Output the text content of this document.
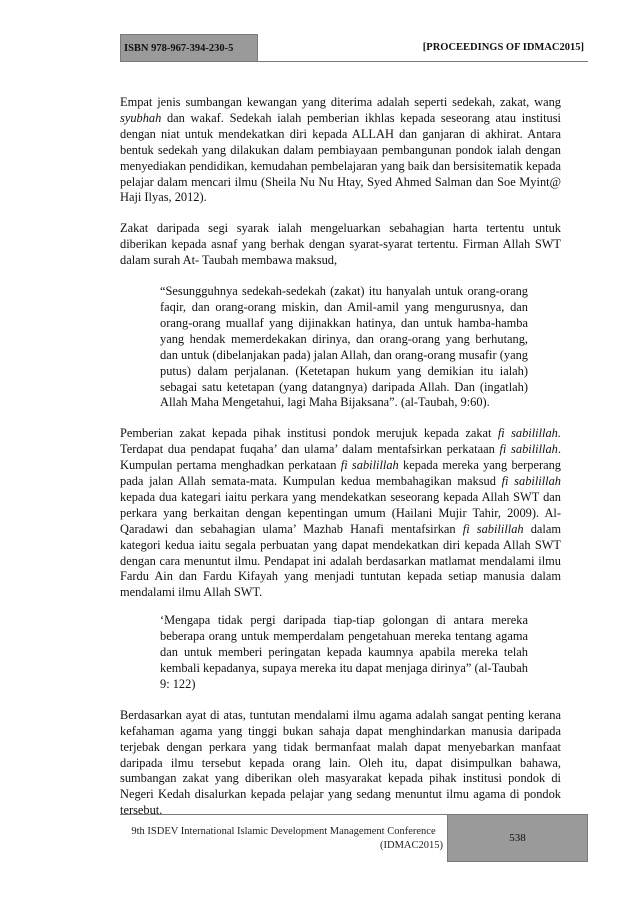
ISBN 978-967-394-230-5	[PROCEEDINGS OF IDMAC2015]

Empat jenis sumbangan kewangan yang diterima adalah seperti sedekah, zakat, wang syubhah dan wakaf. Sedekah ialah pemberian ikhlas kepada seseorang atau institusi dengan niat untuk mendekatkan diri kepada ALLAH dan ganjaran di akhirat. Antara bentuk sedekah yang dilakukan dalam pembiayaan pembangunan pondok ialah dengan menyediakan pendidikan, kemudahan pembelajaran yang baik dan bersisitematik kepada pelajar dalam mencari ilmu (Sheila Nu Nu Htay, Syed Ahmed Salman dan Soe Myint@ Haji Ilyas, 2012).

Zakat daripada segi syarak ialah mengeluarkan sebahagian harta tertentu untuk diberikan kepada asnaf yang berhak dengan syarat-syarat tertentu. Firman Allah SWT dalam surah At- Taubah membawa maksud,

“Sesungguhnya sedekah-sedekah (zakat) itu hanyalah untuk orang-orang faqir, dan orang-orang miskin, dan Amil-amil yang mengurusnya, dan orang-orang muallaf yang dijinakkan hatinya, dan untuk hamba-hamba yang hendak memerdekakan dirinya, dan orang-orang yang berhutang, dan untuk (dibelanjakan pada) jalan Allah, dan orang-orang musafir (yang putus) dalam perjalanan. (Ketetapan hukum yang demikian itu ialah) sebagai satu ketetapan (yang datangnya) daripada Allah. Dan (ingatlah) Allah Maha Mengetahui, lagi Maha Bijaksana”. (al-Taubah, 9:60).

Pemberian zakat kepada pihak institusi pondok merujuk kepada zakat fi sabilillah. Terdapat dua pendapat fuqaha’ dan ulama’ dalam mentafsirkan perkataan fi sabilillah. Kumpulan pertama menghadkan perkataan fi sabilillah kepada mereka yang berperang pada jalan Allah semata-mata. Kumpulan kedua membahagikan maksud fi sabilillah kepada dua kategari iaitu perkara yang mendekatkan seseorang kepada Allah SWT dan perkara yang berkaitan dengan kepentingan umum (Hailani Mujir Tahir, 2009). Al-Qaradawi dan sebahagian ulama’ Mazhab Hanafi mentafsirkan fi sabilillah dalam kategori kedua iaitu segala perbuatan yang dapat mendekatkan diri kepada Allah SWT dengan cara menuntut ilmu. Pendapat ini adalah berdasarkan matlamat mendalami ilmu Fardu Ain dan Fardu Kifayah yang menjadi tuntutan kepada setiap manusia dalam mendalami ilmu Allah SWT.

‘Mengapa tidak pergi daripada tiap-tiap golongan di antara mereka beberapa orang untuk memperdalam pengetahuan mereka tentang agama dan untuk memberi peringatan kepada kaumnya apabila mereka telah kembali kepadanya, supaya mereka itu dapat menjaga dirinya” (al-Taubah 9: 122)

Berdasarkan ayat di atas, tuntutan mendalami ilmu agama adalah sangat penting kerana kefahaman agama yang tinggi bukan sahaja dapat menghindarkan manusia daripada terjebak dengan perkara yang tidak bermanfaat malah dapat menyebarkan manfaat daripada ilmu tersebut kepada orang lain. Oleh itu, dapat disimpulkan bahawa, sumbangan zakat yang diberikan oleh masyarakat kepada pihak institusi pondok di Negeri Kedah disalurkan kepada pelajar yang sedang menuntut ilmu agama di pondok tersebut.

9th ISDEV International Islamic Development Management Conference
(IDMAC2015)
538
